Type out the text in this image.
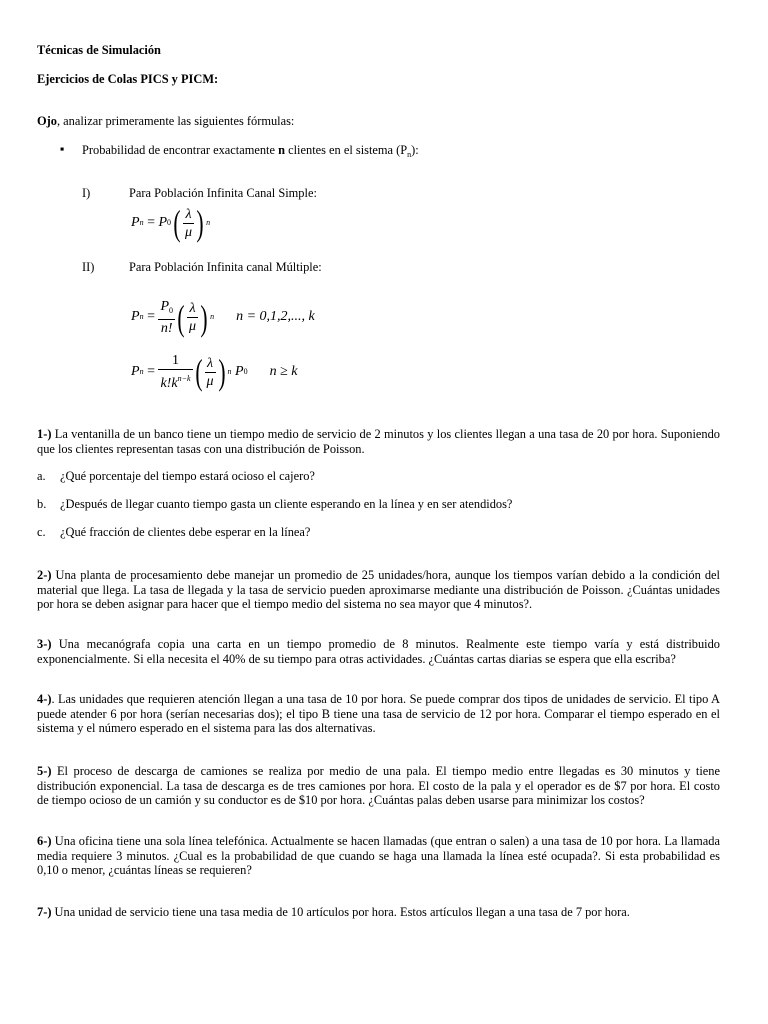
Técnicas de Simulación
Ejercicios de Colas PICS y PICM:
Ojo, analizar primeramente las siguientes fórmulas:
▪ Probabilidad de encontrar exactamente n clientes en el sistema $(P_n)$:
I)	Para Población Infinita Canal Simple:
P n = P 0 ( $\frac{\lambda}{\mu}$ ) n
II)	Para Población Infinita canal Múltiple:
P $n = \frac{P_0}{n!}$ ( $\frac{\lambda}{\mu}$ ) n n = 0,1,2,..., k
P $n = \frac{1}{k!k^{n-k}}$ ( $\frac{\lambda}{\mu}$ ) n
P 0 n ≥ k
1-) La ventanilla de un banco tiene un tiempo medio de servicio de 2 minutos y los clientes llegan a una tasa de 20 por hora. Suponiendo que los clientes representan tasas con una distribución de Poisson.
a. ¿Qué porcentaje del tiempo estará ocioso el cajero?
b. ¿Después de llegar cuanto tiempo gasta un cliente esperando en la línea y en ser atendidos?
c. ¿Qué fracción de clientes debe esperar en la línea?
2-) Una planta de procesamiento debe manejar un promedio de 25 unidades/hora, aunque los tiempos varían debido a la condición del material que llega. La tasa de llegada y la tasa de servicio pueden aproximarse mediante una distribución de Poisson. ¿Cuántas unidades por hora se deben asignar para hacer que el tiempo medio del sistema no sea mayor que 4 minutos?.
3-) Una mecanógrafa copia una carta en un tiempo promedio de 8 minutos. Realmente este tiempo varía y está distribuido exponencialmente. Si ella necesita el 40% de su tiempo para otras actividades. ¿Cuántas cartas diarias se espera que ella escriba?
4-). Las unidades que requieren atención llegan a una tasa de 10 por hora. Se puede comprar dos tipos de unidades de servicio. El tipo A puede atender 6 por hora (serían necesarias dos); el tipo B tiene una tasa de servicio de 12 por hora. Comparar el tiempo esperado en el sistema y el número esperado en el sistema para las dos alternativas.
5-) El proceso de descarga de camiones se realiza por medio de una pala. El tiempo medio entre llegadas es 30 minutos y tiene distribución exponencial. La tasa de descarga es de tres camiones por hora. El costo de la pala y el operador es de $7 por hora. El costo de tiempo ocioso de un camión y su conductor es de $10 por hora. ¿Cuántas palas deben usarse para minimizar los costos?
6-) Una oficina tiene una sola línea telefónica. Actualmente se hacen llamadas (que entran o salen) a una tasa de 10 por hora. La llamada media requiere 3 minutos. ¿Cual es la probabilidad de que cuando se haga una llamada la línea esté ocupada?. Si esta probabilidad es 0,10 o menor, ¿cuántas líneas se requieren?
7-) Una unidad de servicio tiene una tasa media de 10 artículos por hora. Estos artículos llegan a una tasa de 7 por hora.
